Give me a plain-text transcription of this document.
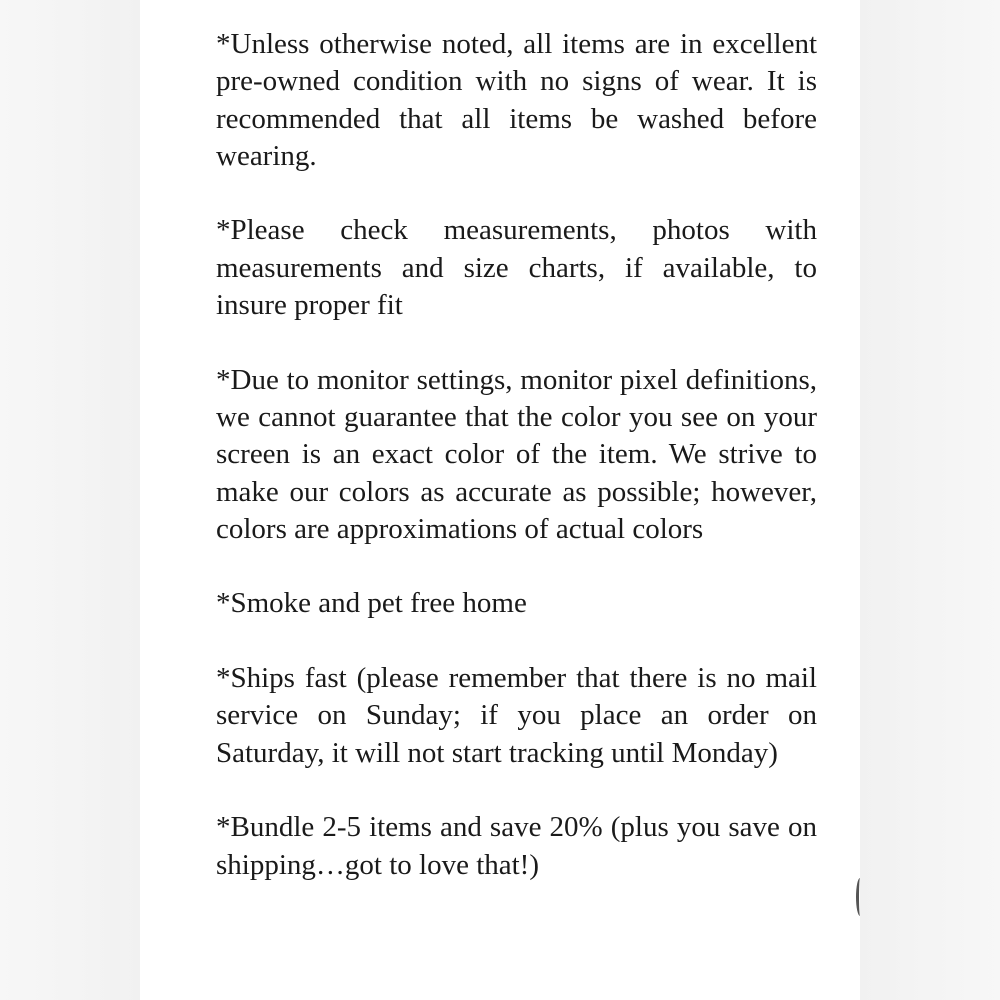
*Unless otherwise noted, all items are in excellent pre-owned condition with no signs of wear. It is recommended that all items be washed before wearing.

*Please check measurements, photos with measurements and size charts, if available, to insure proper fit

*Due to monitor settings, monitor pixel definitions, we cannot guarantee that the color you see on your screen is an exact color of the item. We strive to make our colors as accurate as possible; however, colors are approximations of actual colors

*Smoke and pet free home

*Ships fast (please remember that there is no mail service on Sunday; if you place an order on Saturday, it will not start tracking until Monday)

*Bundle 2-5 items and save 20% (plus you save on shipping…got to love that!)
